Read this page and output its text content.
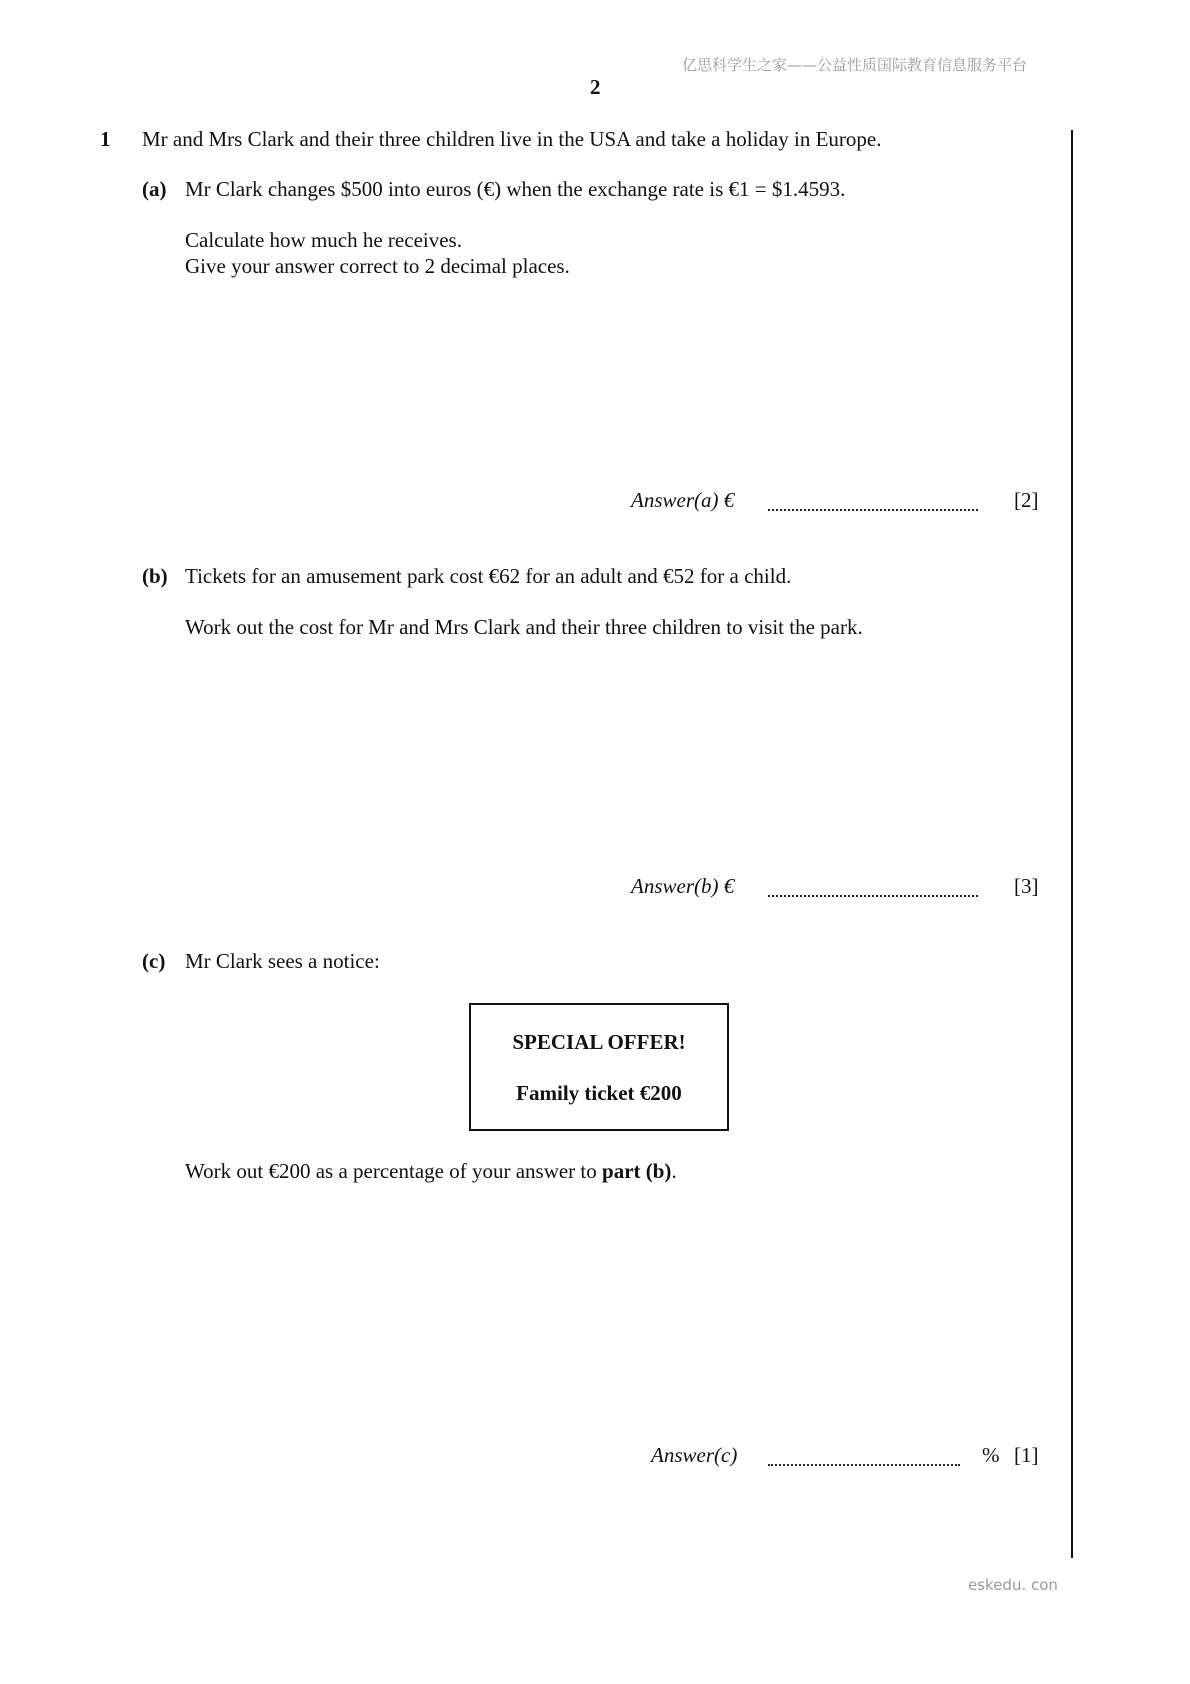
亿思科学生之家——公益性质国际教育信息服务平台
2
1 Mr and Mrs Clark and their three children live in the USA and take a holiday in Europe.
(a) Mr Clark changes $500 into euros (€) when the exchange rate is €1 = $1.4593.
Calculate how much he receives.
Give your answer correct to 2 decimal places.
Answer(a) €	[2]
(b) Tickets for an amusement park cost €62 for an adult and €52 for a child.
Work out the cost for Mr and Mrs Clark and their three children to visit the park.
Answer(b) €	[3]
(c) Mr Clark sees a notice:
SPECIAL OFFER!
Family ticket €200
Work out €200 as a percentage of your answer to part (b).
Answer(c)	% [1]
eskedu. con
